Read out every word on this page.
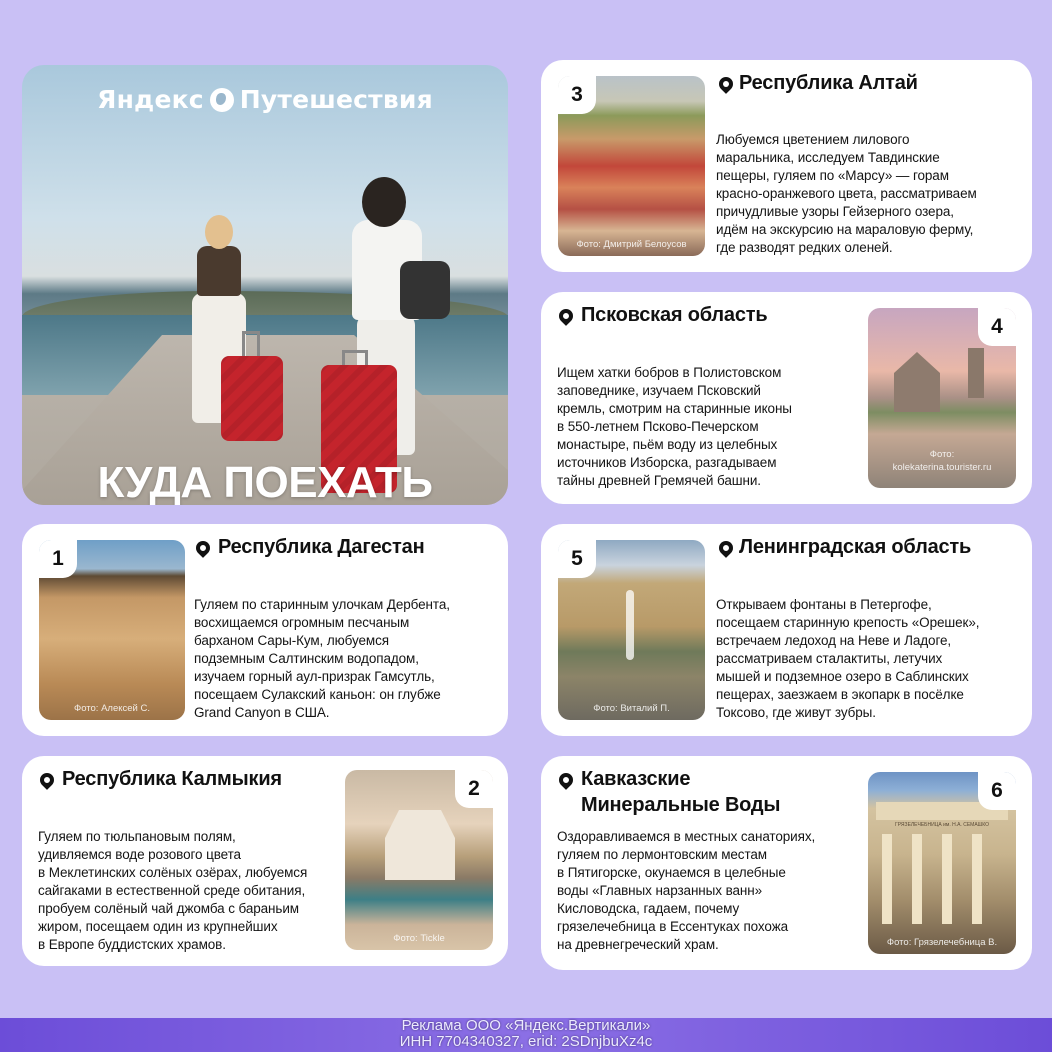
Яндекс Путешествия
КУДА ПОЕХАТЬ
3
Фото: Дмитрий Белоусов
Республика Алтай
Любуемся цветением лилового
маральника, исследуем Тавдинские
пещеры, гуляем по «Марсу» — горам
красно-оранжевого цвета, рассматриваем
причудливые узоры Гейзерного озера,
идём на экскурсию на мараловую ферму,
где разводят редких оленей.
Псковская область
Ищем хатки бобров в Полистовском
заповеднике, изучаем Псковский
кремль, смотрим на старинные иконы
в 550-летнем Псково-Печерском
монастыре, пьём воду из целебных
источников Изборска, разгадываем
тайны древней Гремячей башни.
4
Фото:
kolekaterina.tourister.ru
1
Фото: Алексей С.
Республика Дагестан
Гуляем по старинным улочкам Дербента,
восхищаемся огромным песчаным
барханом Сары-Кум, любуемся
подземным Салтинским водопадом,
изучаем горный аул-призрак Гамсутль,
посещаем Сулакский каньон: он глубже
Grand Canyon в США.
5
Фото: Виталий П.
Ленинградская область
Открываем фонтаны в Петергофе,
посещаем старинную крепость «Орешек»,
встречаем ледоход на Неве и Ладоге,
рассматриваем сталактиты, летучих
мышей и подземное озеро в Саблинских
пещерах, заезжаем в экопарк в посёлке
Токсово, где живут зубры.
Республика Калмыкия
Гуляем по тюльпановым полям,
удивляемся воде розового цвета
в Меклетинских солёных озёрах, любуемся
сайгаками в естественной среде обитания,
пробуем солёный чай джомба с бараньим
жиром, посещаем один из крупнейших
в Европе буддистских храмов.
2
Фото: Tickle
Кавказские
Минеральные Воды
Оздоравливаемся в местных санаториях,
гуляем по лермонтовским местам
в Пятигорске, окунаемся в целебные
воды «Главных нарзанных ванн»
Кисловодска, гадаем, почему
грязелечебница в Ессентуках похожа
на древнегреческий храм.
ГРЯЗЕЛЕЧЕБНИЦА им. Н.А. СЕМАШКО
6
Фото: Грязелечебница В.
Реклама ООО «Яндекс.Вертикали»
ИНН 7704340327, erid: 2SDnjbuXz4c
